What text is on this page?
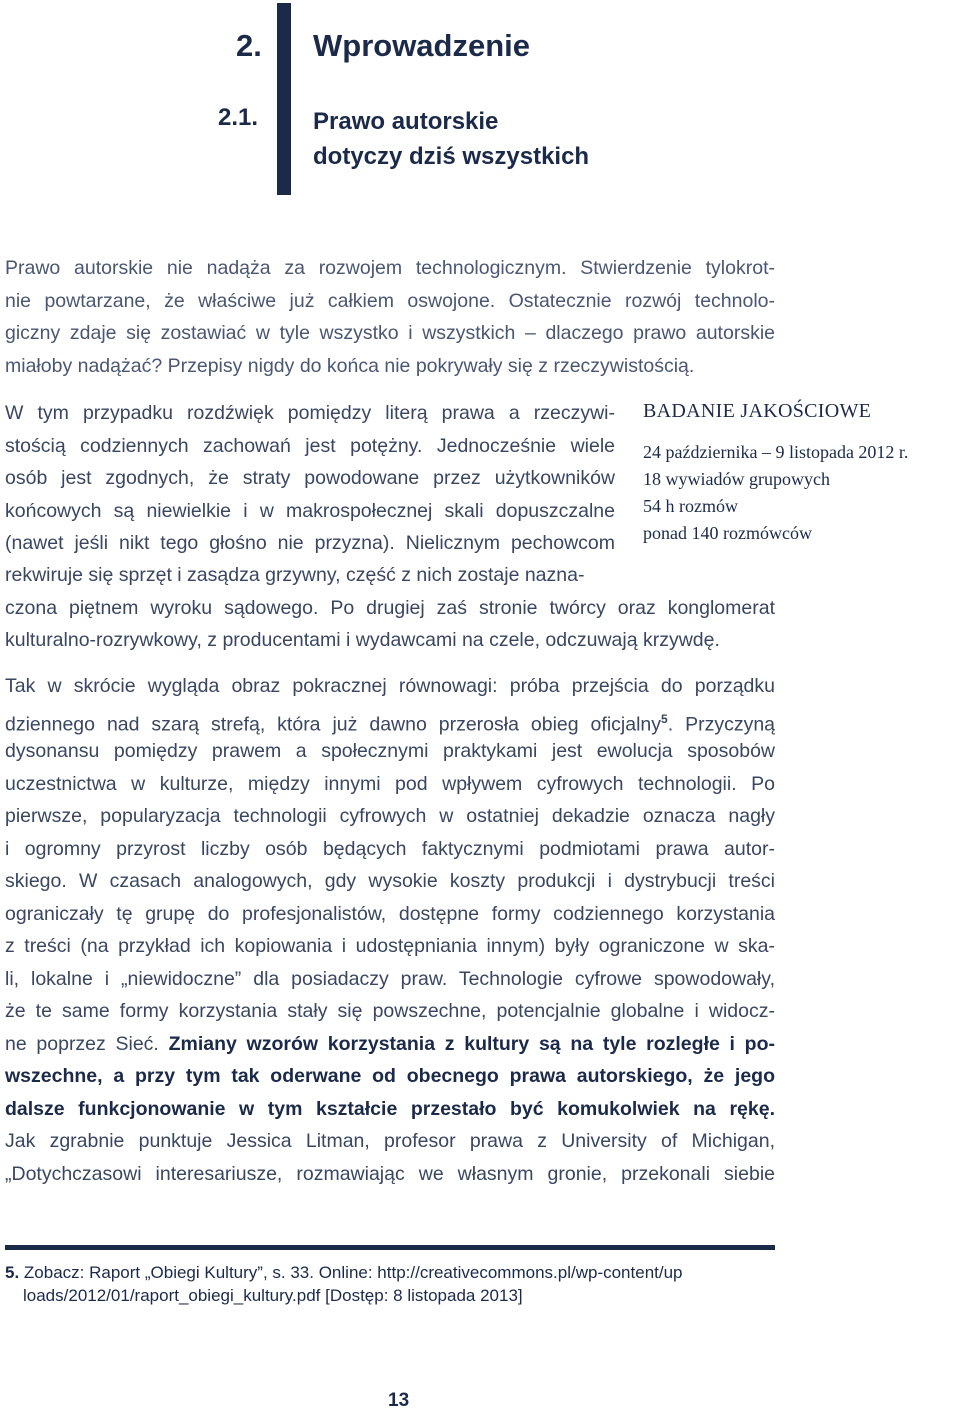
2. Wprowadzenie
2.1. Prawo autorskie
dotyczy dziś wszystkich
Prawo autorskie nie nadąża za rozwojem technologicznym. Stwierdzenie tylokrot-
nie powtarzane, że właściwe już całkiem oswojone. Ostatecznie rozwój technolo-
giczny zdaje się zostawiać w tyle wszystko i wszystkich – dlaczego prawo autorskie
miałoby nadążać? Przepisy nigdy do końca nie pokrywały się z rzeczywistością.
W tym przypadku rozdźwięk pomiędzy literą prawa a rzeczywi-
stością codziennych zachowań jest potężny. Jednocześnie wiele
osób jest zgodnych, że straty powodowane przez użytkowników
końcowych są niewielkie i w makrospołecznej skali dopuszczalne
(nawet jeśli nikt tego głośno nie przyzna). Nielicznym pechowcom
rekwiruje się sprzęt i zasądza grzywny, część z nich zostaje nazna-
czona piętnem wyroku sądowego. Po drugiej zaś stronie twórcy oraz konglomerat
kulturalno-rozrywkowy, z producentami i wydawcami na czele, odczuwają krzywdę.
BADANIE JAKOŚCIOWE
24 października – 9 listopada 2012 r.
18 wywiadów grupowych
54 h rozmów
ponad 140 rozmówców
Tak w skrócie wygląda obraz pokracznej równowagi: próba przejścia do porządku
dziennego nad szarą strefą, która już dawno przerosła obieg oficjalny$^5$. Przyczyną
dysonansu pomiędzy prawem a społecznymi praktykami jest ewolucja sposobów
uczestnictwa w kulturze, między innymi pod wpływem cyfrowych technologii. Po
pierwsze, popularyzacja technologii cyfrowych w ostatniej dekadzie oznacza nagły
i ogromny przyrost liczby osób będących faktycznymi podmiotami prawa autor-
skiego. W czasach analogowych, gdy wysokie koszty produkcji i dystrybucji treści
ograniczały tę grupę do profesjonalistów, dostępne formy codziennego korzystania
z treści (na przykład ich kopiowania i udostępniania innym) były ograniczone w ska-
li, lokalne i „niewidoczne” dla posiadaczy praw. Technologie cyfrowe spowodowały,
że te same formy korzystania stały się powszechne, potencjalnie globalne i widocz-
ne poprzez Sieć. Zmiany wzorów korzystania z kultury są na tyle rozległe i po-
wszechne, a przy tym tak oderwane od obecnego prawa autorskiego, że jego
dalsze funkcjonowanie w tym kształcie przestało być komukolwiek na rękę.
Jak zgrabnie punktuje Jessica Litman, profesor prawa z University of Michigan,
„Dotychczasowi interesariusze, rozmawiając we własnym gronie, przekonali siebie
5. Zobacz: Raport „Obiegi Kultury”, s. 33. Online: http://creativecommons.pl/wp-content/up
loads/2012/01/raport_obiegi_kultury.pdf [Dostęp: 8 listopada 2013]
13
